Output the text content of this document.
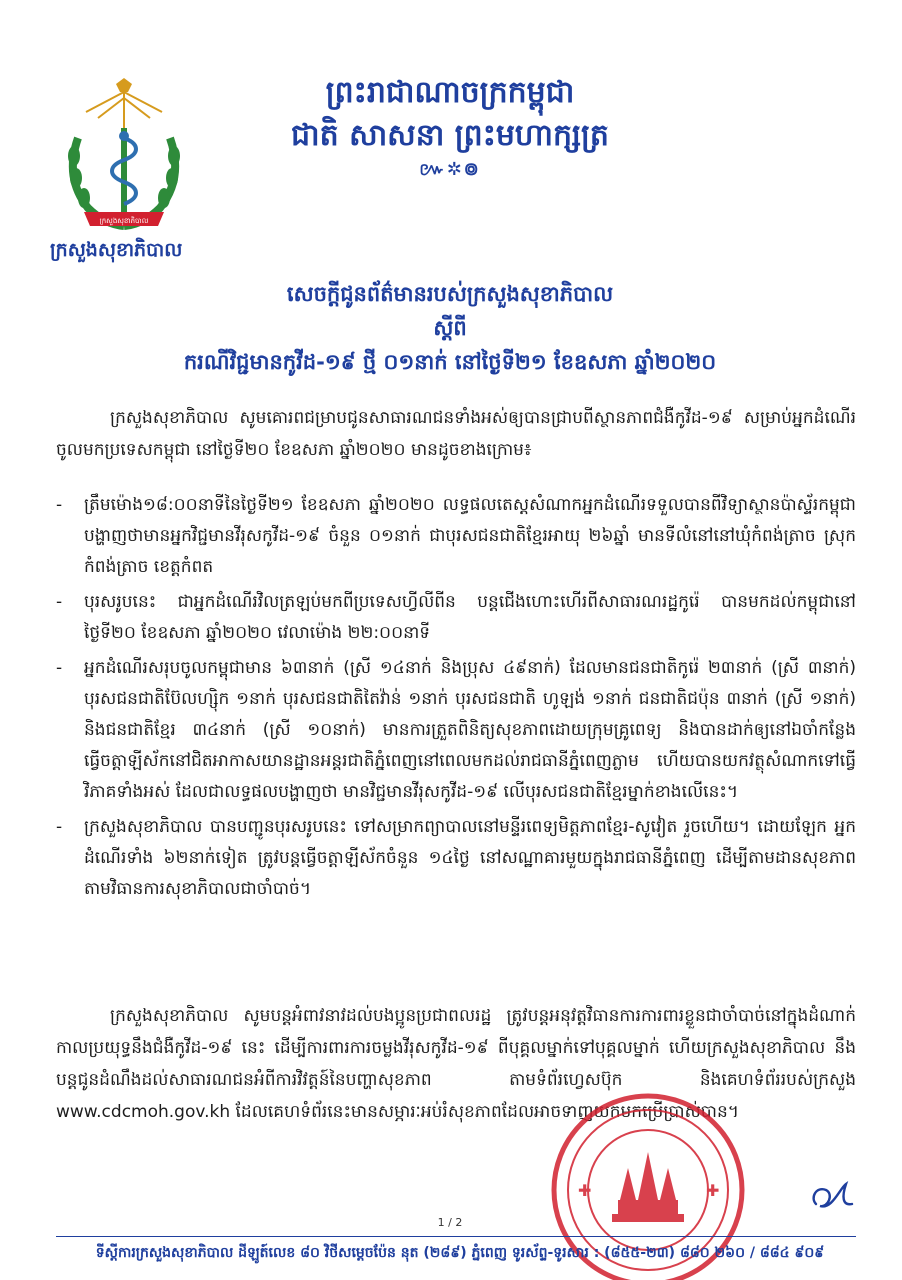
ក្រសួងសុខាភិបាល
ក្រសួងសុខាភិបាល
ព្រះរាជាណាចក្រកម្ពុជា
ជាតិ សាសនា ព្រះមហាក្សត្រ
៚✲៙
សេចក្តីជូនព័ត៌មានរបស់ក្រសួងសុខាភិបាល
ស្តីពី
ករណីវិជ្ជមានកូវីដ-១៩ ថ្មី ០១នាក់ នៅថ្ងៃទី២១ ខែឧសភា ឆ្នាំ២០២០
ក្រសួងសុខាភិបាល សូមគោរពជម្រាបជូនសាធារណជនទាំងអស់ឲ្យបានជ្រាបពីស្ថានភាពជំងឺកូវីដ-១៩ សម្រាប់អ្នកដំណើរចូលមកប្រទេសកម្ពុជា នៅថ្ងៃទី២០ ខែឧសភា ឆ្នាំ២០២០ មានដូចខាងក្រោម៖
- ត្រឹមម៉ោង១៨:០០នាទីនៃថ្ងៃទី២១ ខែឧសភា ឆ្នាំ២០២០ លទ្ធផលតេស្តសំណាកអ្នកដំណើរទទួលបានពីវិទ្យាស្ថានប៉ាស្ទ័រកម្ពុជា បង្ហាញថាមានអ្នកវិជ្ជមានវីរុសកូវីដ-១៩ ចំនួន ០១នាក់ ជាបុរសជនជាតិខ្មែរអាយុ ២៦ឆ្នាំ មានទីលំនៅនៅឃុំកំពង់ត្រាច ស្រុកកំពង់ត្រាច ខេត្តកំពត
- បុរសរូបនេះ ជាអ្នកដំណើរវិលត្រឡប់មកពីប្រទេសហ្វីលីពីន បន្តជើងហោះហើរពីសាធារណរដ្ឋកូរ៉េ បានមកដល់កម្ពុជានៅថ្ងៃទី២០ ខែឧសភា ឆ្នាំ២០២០ វេលាម៉ោង ២២:០០នាទី
- អ្នកដំណើរសរុបចូលកម្ពុជាមាន ៦៣នាក់ (ស្រី ១៤នាក់ និងប្រុស ៤៩នាក់) ដែលមានជនជាតិកូរ៉េ ២៣នាក់ (ស្រី ៣នាក់) បុរសជនជាតិប៊ែលហ្ស៊ិក ១នាក់ បុរសជនជាតិតៃវ៉ាន់ ១នាក់ បុរសជនជាតិ ហូឡង់ ១នាក់ ជនជាតិជប៉ុន ៣នាក់ (ស្រី ១នាក់) និងជនជាតិខ្មែរ ៣៤នាក់ (ស្រី ១០នាក់) មានការត្រួតពិនិត្យសុខភាពដោយក្រុមគ្រូពេទ្យ និងបានដាក់ឲ្យនៅឯចាំកន្លែងធ្វើចត្តាឡីស័កនៅជិតអាកាសយានដ្ឋានអន្តរជាតិភ្នំពេញនៅពេលមកដល់រាជធានីភ្នំពេញភ្លាម ហើយបានយកវត្ថុសំណាកទៅធ្វើវិភាគទាំងអស់ ដែលជាលទ្ធផលបង្ហាញថា មានវិជ្ជមានវីរុសកូវីដ-១៩ លើបុរសជនជាតិខ្មែរម្នាក់ខាងលើនេះ។
- ក្រសួងសុខាភិបាល បានបញ្ជូនបុរសរូបនេះ ទៅសម្រាកព្យាបាលនៅមន្ទីរពេទ្យមិត្តភាពខ្មែរ-សូវៀត រួចហើយ។ ដោយឡែក អ្នកដំណើរទាំង ៦២នាក់ទៀត ត្រូវបន្តធ្វើចត្តាឡីស័កចំនួន ១៤ថ្ងៃ នៅសណ្ឋាគារមួយក្នុងរាជធានីភ្នំពេញ ដើម្បីតាមដានសុខភាពតាមវិធានការសុខាភិបាលជាចាំបាច់។
ក្រសួងសុខាភិបាល សូមបន្តអំពាវនាវដល់បងប្អូនប្រជាពលរដ្ឋ ត្រូវបន្តអនុវត្តវិធានការការពារខ្លួនជាចាំបាច់នៅក្នុងដំណាក់កាលប្រយុទ្ធនឹងជំងឺកូវីដ-១៩ នេះ ដើម្បីការពារការចម្លងវីរុសកូវីដ-១៩ ពីបុគ្គលម្នាក់ទៅបុគ្គលម្នាក់ ហើយក្រសួងសុខាភិបាល នឹងបន្តជូនដំណឹងដល់សាធារណជនអំពីការវិវត្តន៍នៃបញ្ហាសុខភាព តាមទំព័រហ្វេសប៊ុក និងគេហទំព័ររបស់ក្រសួង www.cdcmoh.gov.kh ដែលគេហទំព័រនេះមានសម្ភារៈអប់រំសុខភាពដែលអាចទាញយកមកប្រើប្រាស់បាន។
✚	✚
1 / 2
ទីស្តីការក្រសួងសុខាភិបាល ដីឡូត៍លេខ ៨០ វិថីសម្តេចប៉ែន នុត (២៨៩) ភ្នំពេញ ទូរស័ព្ទ-ទូរសារ : (៨៥៥-២៣) ៨៨០ ២៦០ / ៨៨៤ ៩០៩
